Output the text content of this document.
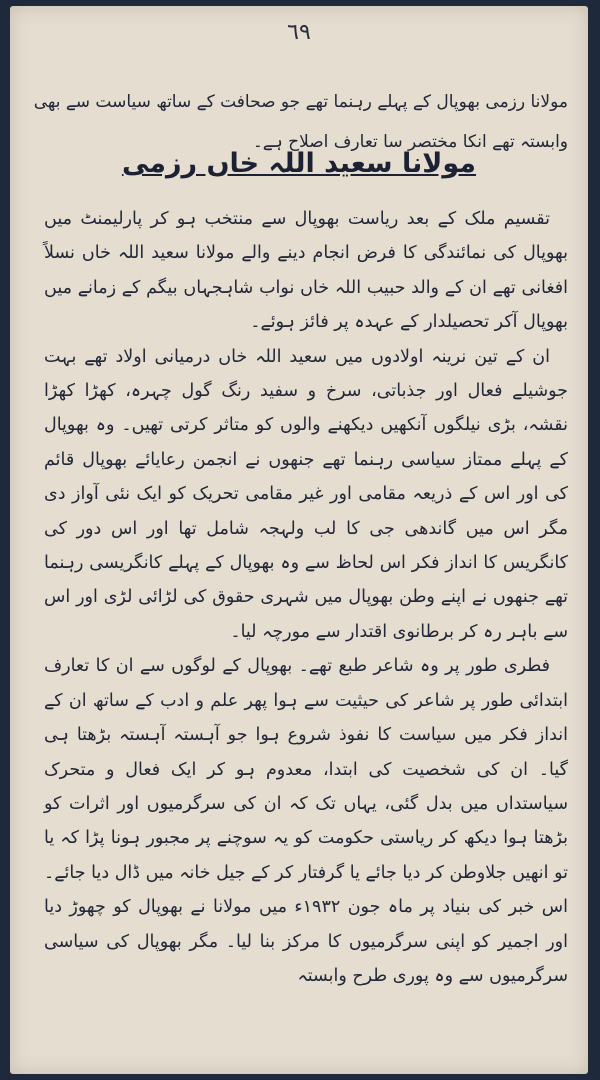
٦٩
مولانا رزمی بھوپال کے پہلے رہنما تھے جو صحافت کے ساتھ سیاست سے بھی وابستہ تھے انکا مختصر سا تعارف اصلاح ہے۔
مولانا سعید اللہ خاں رزمی

تقسیم ملک کے بعد ریاست بھوپال سے منتخب ہو کر پارلیمنٹ میں بھوپال کی نمائندگی کا فرض انجام دینے والے مولانا سعید اللہ خاں نسلاً افغانی تھے ان کے والد حبیب اللہ خاں نواب شاہجہاں بیگم کے زمانے میں بھوپال آکر تحصیلدار کے عہدہ پر فائز ہوئے۔

ان کے تین نرینہ اولادوں میں سعید اللہ خاں درمیانی اولاد تھے بہت جوشیلے فعال اور جذباتی، سرخ و سفید رنگ گول چہرہ، کھڑا کھڑا نقشہ، بڑی نیلگوں آنکھیں دیکھنے والوں کو متاثر کرتی تھیں۔ وہ بھوپال کے پہلے ممتاز سیاسی رہنما تھے جنھوں نے انجمن رعایائے بھوپال قائم کی اور اس کے ذریعہ مقامی اور غیر مقامی تحریک کو ایک نئی آواز دی مگر اس میں گاندھی جی کا لب ولہجہ شامل تھا اور اس دور کی کانگریس کا انداز فکر اس لحاظ سے وہ بھوپال کے پہلے کانگریسی رہنما تھے جنھوں نے اپنے وطن بھوپال میں شہری حقوق کی لڑائی لڑی اور اس سے باہر رہ کر برطانوی اقتدار سے مورچہ لیا۔

فطری طور پر وہ شاعر طبع تھے۔ بھوپال کے لوگوں سے ان کا تعارف ابتدائی طور پر شاعر کی حیثیت سے ہوا پھر علم و ادب کے ساتھ ان کے انداز فکر میں سیاست کا نفوذ شروع ہوا جو آہستہ آہستہ بڑھتا ہی گیا۔ ان کی شخصیت کی ابتدا، معدوم ہو کر ایک فعال و متحرک سیاستداں میں بدل گئی، یہاں تک کہ ان کی سرگرمیوں اور اثرات کو بڑھتا ہوا دیکھ کر ریاستی حکومت کو یہ سوچنے پر مجبور ہونا پڑا کہ یا تو انھیں جلاوطن کر دیا جائے یا گرفتار کر کے جیل خانہ میں ڈال دیا جائے۔ اس خبر کی بنیاد پر ماہ جون ۱۹۳۲ء میں مولانا نے بھوپال کو چھوڑ دیا اور اجمیر کو اپنی سرگرمیوں کا مرکز بنا لیا۔ مگر بھوپال کی سیاسی سرگرمیوں سے وہ پوری طرح وابستہ
